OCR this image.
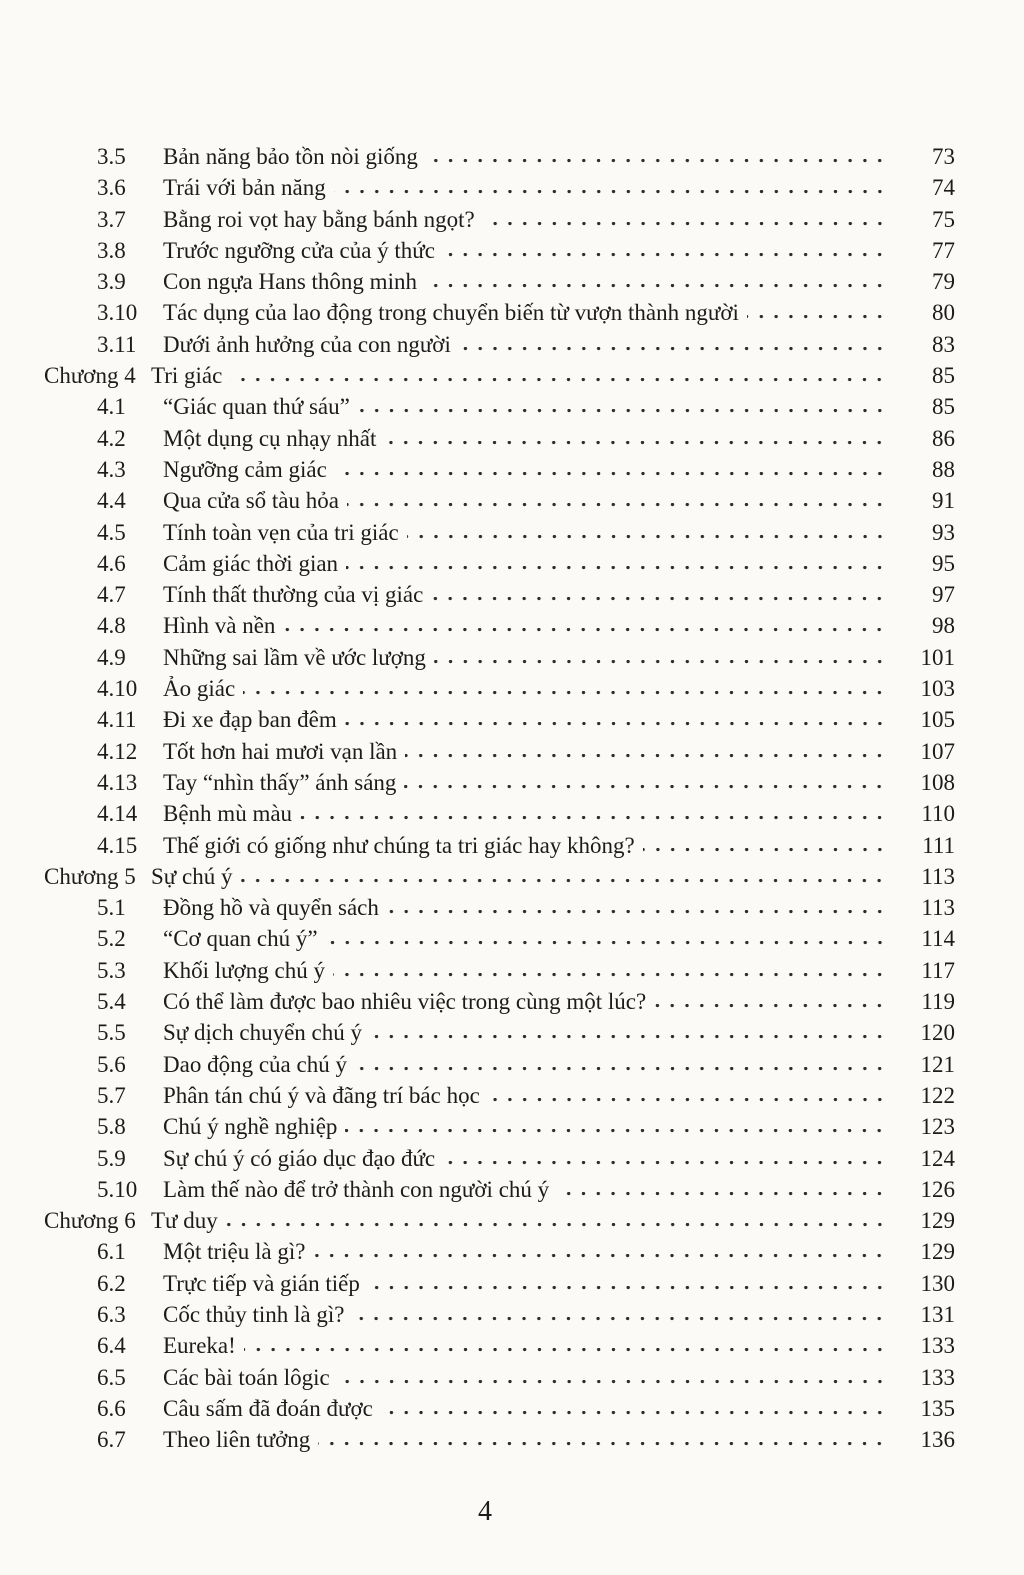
3.5	Bản năng bảo tồn nòi giống	73
3.6	Trái với bản năng	74
3.7	Bằng roi vọt hay bằng bánh ngọt?	75
3.8	Trước ngưỡng cửa của ý thức	77
3.9	Con ngựa Hans thông minh	79
3.10	Tác dụng của lao động trong chuyển biến từ vượn thành người	80
3.11	Dưới ảnh hưởng của con người	83
Chương 4 Tri giác	85
4.1	“Giác quan thứ sáu”	85
4.2	Một dụng cụ nhạy nhất	86
4.3	Ngưỡng cảm giác	88
4.4	Qua cửa sổ tàu hỏa	91
4.5	Tính toàn vẹn của tri giác	93
4.6	Cảm giác thời gian	95
4.7	Tính thất thường của vị giác	97
4.8	Hình và nền	98
4.9	Những sai lầm về ước lượng	101
4.10	Ảo giác	103
4.11	Đi xe đạp ban đêm	105
4.12	Tốt hơn hai mươi vạn lần	107
4.13	Tay “nhìn thấy” ánh sáng	108
4.14	Bệnh mù màu	110
4.15	Thế giới có giống như chúng ta tri giác hay không?	111
Chương 5 Sự chú ý	113
5.1	Đồng hồ và quyển sách	113
5.2	“Cơ quan chú ý”	114
5.3	Khối lượng chú ý	117
5.4	Có thể làm được bao nhiêu việc trong cùng một lúc?	119
5.5	Sự dịch chuyển chú ý	120
5.6	Dao động của chú ý	121
5.7	Phân tán chú ý và đãng trí bác học	122
5.8	Chú ý nghề nghiệp	123
5.9	Sự chú ý có giáo dục đạo đức	124
5.10	Làm thế nào để trở thành con người chú ý	126
Chương 6 Tư duy	129
6.1	Một triệu là gì?	129
6.2	Trực tiếp và gián tiếp	130
6.3	Cốc thủy tinh là gì?	131
6.4	Eureka!	133
6.5	Các bài toán lôgic	133
6.6	Câu sấm đã đoán được	135
6.7	Theo liên tưởng	136
4
